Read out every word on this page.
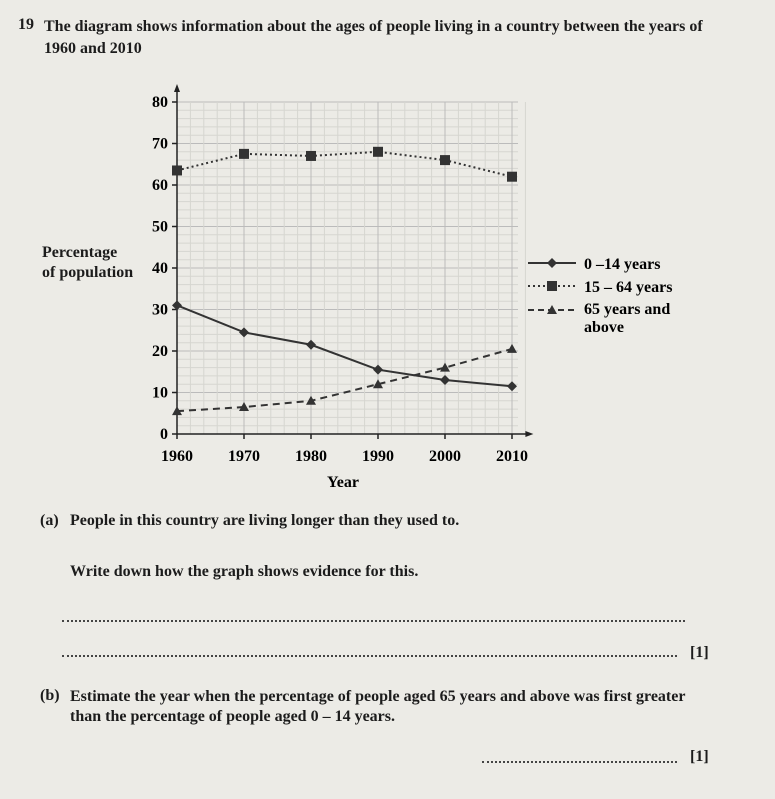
19 The diagram shows information about the ages of people living in a country between the years of 1960 and 2010
Percentage
of population
0
10
20
30
40
50
60
70
80
1960 1970 1980 1990 2000 2010
0 –14 years
15 – 64 years
65 years and
above
Year
(a) People in this country are living longer than they used to.
Write down how the graph shows evidence for this.
[1]
(b) Estimate the year when the percentage of people aged 65 years and above was first greater than the percentage of people aged 0 – 14 years.
[1]
